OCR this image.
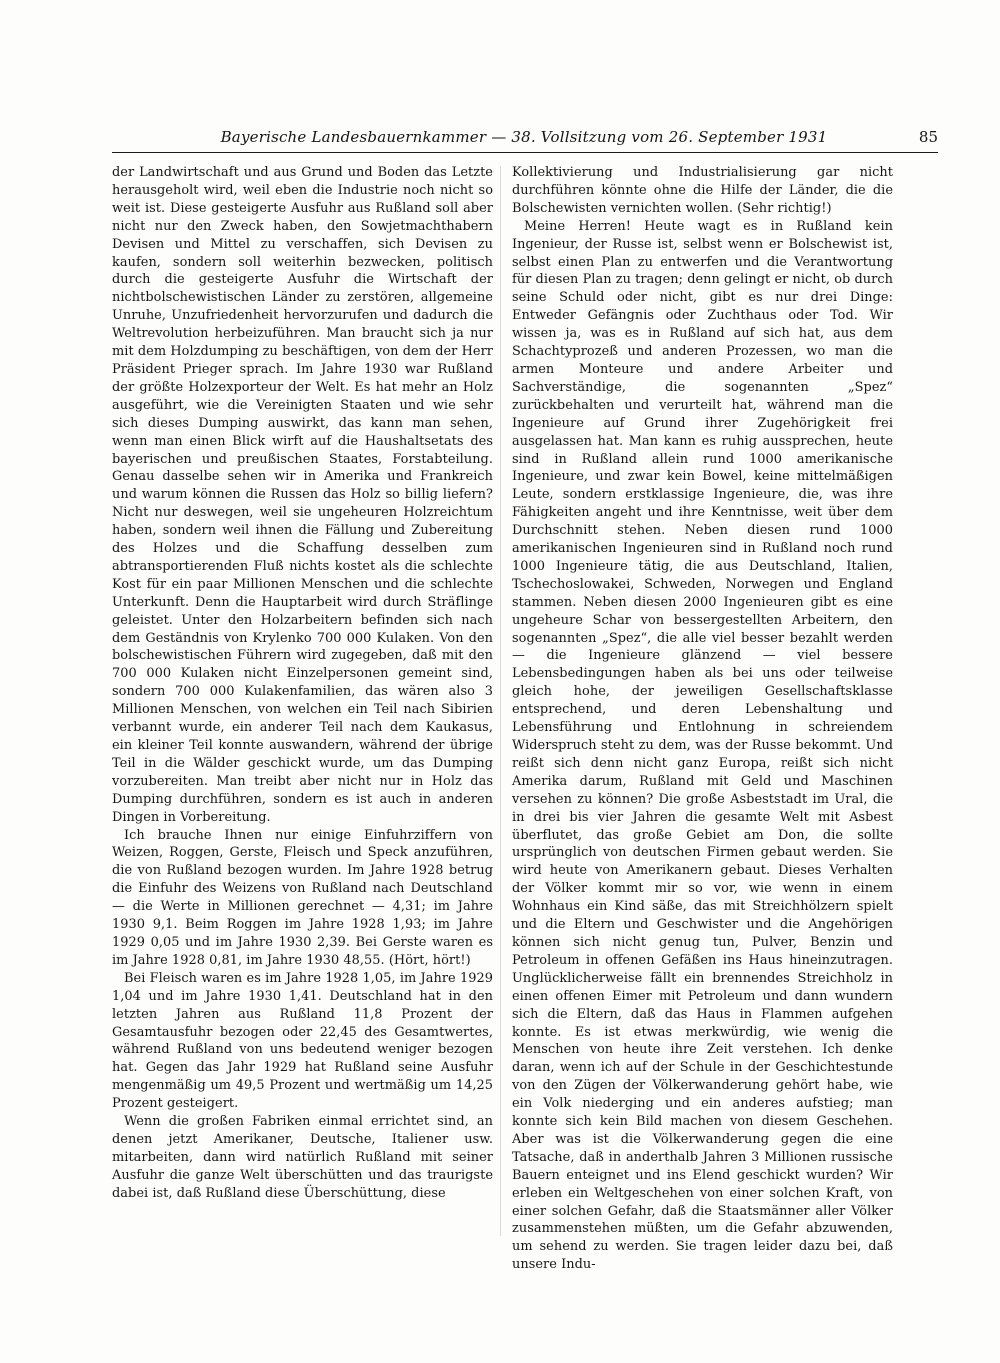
Bayerische Landesbauernkammer — 38. Vollsitzung vom 26. September 1931	85

der Landwirtschaft und aus Grund und Boden das Letzte herausgeholt wird, weil eben die Industrie noch nicht so weit ist. Diese gesteigerte Ausfuhr aus Rußland soll aber nicht nur den Zweck haben, den Sowjetmachthabern Devisen und Mittel zu verschaffen, sich Devisen zu kaufen, sondern soll weiterhin bezwecken, politisch durch die gesteigerte Ausfuhr die Wirtschaft der nichtbolschewistischen Länder zu zerstören, allgemeine Unruhe, Unzufriedenheit hervorzurufen und dadurch die Weltrevolution herbeizuführen. Man braucht sich ja nur mit dem Holzdumping zu beschäftigen, von dem der Herr Präsident Prieger sprach. Im Jahre 1930 war Rußland der größte Holzexporteur der Welt. Es hat mehr an Holz ausgeführt, wie die Vereinigten Staaten und wie sehr sich dieses Dumping auswirkt, das kann man sehen, wenn man einen Blick wirft auf die Haushaltsetats des bayerischen und preußischen Staates, Forstabteilung. Genau dasselbe sehen wir in Amerika und Frankreich und warum können die Russen das Holz so billig liefern? Nicht nur deswegen, weil sie ungeheuren Holzreichtum haben, sondern weil ihnen die Fällung und Zubereitung des Holzes und die Schaffung desselben zum abtransportierenden Fluß nichts kostet als die schlechte Kost für ein paar Millionen Menschen und die schlechte Unterkunft. Denn die Hauptarbeit wird durch Sträflinge geleistet. Unter den Holzarbeitern befinden sich nach dem Geständnis von Krylenko 700 000 Kulaken. Von den bolschewistischen Führern wird zugegeben, daß mit den 700 000 Kulaken nicht Einzelpersonen gemeint sind, sondern 700 000 Kulakenfamilien, das wären also 3 Millionen Menschen, von welchen ein Teil nach Sibirien verbannt wurde, ein anderer Teil nach dem Kaukasus, ein kleiner Teil konnte auswandern, während der übrige Teil in die Wälder geschickt wurde, um das Dumping vorzubereiten. Man treibt aber nicht nur in Holz das Dumping durchführen, sondern es ist auch in anderen Dingen in Vorbereitung.

Ich brauche Ihnen nur einige Einfuhrziffern von Weizen, Roggen, Gerste, Fleisch und Speck anzuführen, die von Rußland bezogen wurden. Im Jahre 1928 betrug die Einfuhr des Weizens von Rußland nach Deutschland — die Werte in Millionen gerechnet — 4,31; im Jahre 1930 9,1. Beim Roggen im Jahre 1928 1,93; im Jahre 1929 0,05 und im Jahre 1930 2,39. Bei Gerste waren es im Jahre 1928 0,81, im Jahre 1930 48,55. (Hört, hört!)

Bei Fleisch waren es im Jahre 1928 1,05, im Jahre 1929 1,04 und im Jahre 1930 1,41. Deutschland hat in den letzten Jahren aus Rußland 11,8 Prozent der Gesamtausfuhr bezogen oder 22,45 des Gesamtwertes, während Rußland von uns bedeutend weniger bezogen hat. Gegen das Jahr 1929 hat Rußland seine Ausfuhr mengenmäßig um 49,5 Prozent und wertmäßig um 14,25 Prozent gesteigert.

Wenn die großen Fabriken einmal errichtet sind, an denen jetzt Amerikaner, Deutsche, Italiener usw. mitarbeiten, dann wird natürlich Rußland mit seiner Ausfuhr die ganze Welt überschütten und das traurigste dabei ist, daß Rußland diese Überschüttung, diese

Kollektivierung und Industrialisierung gar nicht durchführen könnte ohne die Hilfe der Länder, die die Bolschewisten vernichten wollen. (Sehr richtig!)

Meine Herren! Heute wagt es in Rußland kein Ingenieur, der Russe ist, selbst wenn er Bolschewist ist, selbst einen Plan zu entwerfen und die Verantwortung für diesen Plan zu tragen; denn gelingt er nicht, ob durch seine Schuld oder nicht, gibt es nur drei Dinge: Entweder Gefängnis oder Zuchthaus oder Tod. Wir wissen ja, was es in Rußland auf sich hat, aus dem Schachtyprozeß und anderen Prozessen, wo man die armen Monteure und andere Arbeiter und Sachverständige, die sogenannten „Spez“ zurückbehalten und verurteilt hat, während man die Ingenieure auf Grund ihrer Zugehörigkeit frei ausgelassen hat. Man kann es ruhig aussprechen, heute sind in Rußland allein rund 1000 amerikanische Ingenieure, und zwar kein Bowel, keine mittelmäßigen Leute, sondern erstklassige Ingenieure, die, was ihre Fähigkeiten angeht und ihre Kenntnisse, weit über dem Durchschnitt stehen. Neben diesen rund 1000 amerikanischen Ingenieuren sind in Rußland noch rund 1000 Ingenieure tätig, die aus Deutschland, Italien, Tschechoslowakei, Schweden, Norwegen und England stammen. Neben diesen 2000 Ingenieuren gibt es eine ungeheure Schar von bessergestellten Arbeitern, den sogenannten „Spez“, die alle viel besser bezahlt werden — die Ingenieure glänzend — viel bessere Lebensbedingungen haben als bei uns oder teilweise gleich hohe, der jeweiligen Gesellschaftsklasse entsprechend, und deren Lebenshaltung und Lebensführung und Entlohnung in schreiendem Widerspruch steht zu dem, was der Russe bekommt. Und reißt sich denn nicht ganz Europa, reißt sich nicht Amerika darum, Rußland mit Geld und Maschinen versehen zu können? Die große Asbeststadt im Ural, die in drei bis vier Jahren die gesamte Welt mit Asbest überflutet, das große Gebiet am Don, die sollte ursprünglich von deutschen Firmen gebaut werden. Sie wird heute von Amerikanern gebaut. Dieses Verhalten der Völker kommt mir so vor, wie wenn in einem Wohnhaus ein Kind säße, das mit Streichhölzern spielt und die Eltern und Geschwister und die Angehörigen können sich nicht genug tun, Pulver, Benzin und Petroleum in offenen Gefäßen ins Haus hineinzutragen. Unglücklicherweise fällt ein brennendes Streichholz in einen offenen Eimer mit Petroleum und dann wundern sich die Eltern, daß das Haus in Flammen aufgehen konnte. Es ist etwas merkwürdig, wie wenig die Menschen von heute ihre Zeit verstehen. Ich denke daran, wenn ich auf der Schule in der Geschichtestunde von den Zügen der Völkerwanderung gehört habe, wie ein Volk niederging und ein anderes aufstieg; man konnte sich kein Bild machen von diesem Geschehen. Aber was ist die Völkerwanderung gegen die eine Tatsache, daß in anderthalb Jahren 3 Millionen russische Bauern enteignet und ins Elend geschickt wurden? Wir erleben ein Weltgeschehen von einer solchen Kraft, von einer solchen Gefahr, daß die Staatsmänner aller Völker zusammenstehen müßten, um die Gefahr abzuwenden, um sehend zu werden. Sie tragen leider dazu bei, daß unsere Indu-
